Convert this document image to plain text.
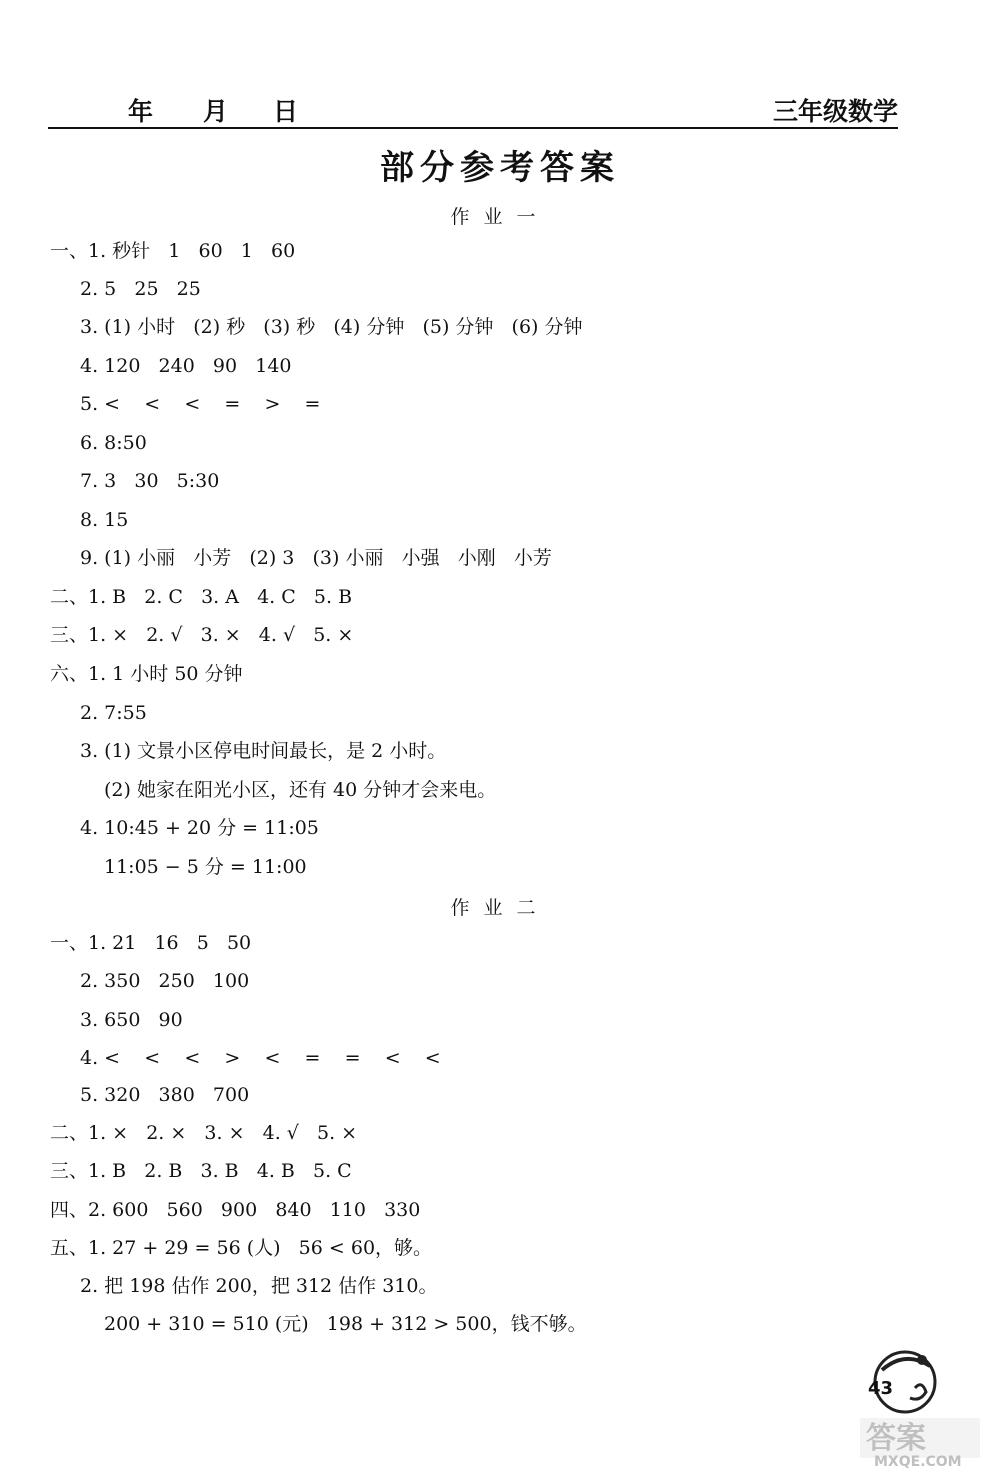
年 月 日	三年级数学
部分参考答案
作业一
一、1. 秒针   1   60   1   60
2. 5   25   25
3. (1) 小时   (2) 秒   (3) 秒   (4) 分钟   (5) 分钟   (6) 分钟
4. 120   240   90   140
5. <    <    <    =    >    =
6. 8:50
7. 3   30   5:30
8. 15
9. (1) 小丽   小芳   (2) 3   (3) 小丽   小强   小刚   小芳
二、1. B   2. C   3. A   4. C   5. B
三、1. ×   2. √   3. ×   4. √   5. ×
六、1. 1 小时 50 分钟
2. 7:55
3. (1) 文景小区停电时间最长，是 2 小时。
(2) 她家在阳光小区，还有 40 分钟才会来电。
4. 10:45 + 20 分 = 11:05
11:05 − 5 分 = 11:00
作业二
一、1. 21   16   5   50
2. 350   250   100
3. 650   90
4. <    <    <    >    <    =    =    <    <
5. 320   380   700
二、1. ×   2. ×   3. ×   4. √   5. ×
三、1. B   2. B   3. B   4. B   5. C
四、2. 600   560   900   840   110   330
五、1. 27 + 29 = 56 (人)   56 < 60，够。
2. 把 198 估作 200，把 312 估作 310。
200 + 310 = 510 (元)   198 + 312 > 500，钱不够。
答案
MXQE.COM
43
